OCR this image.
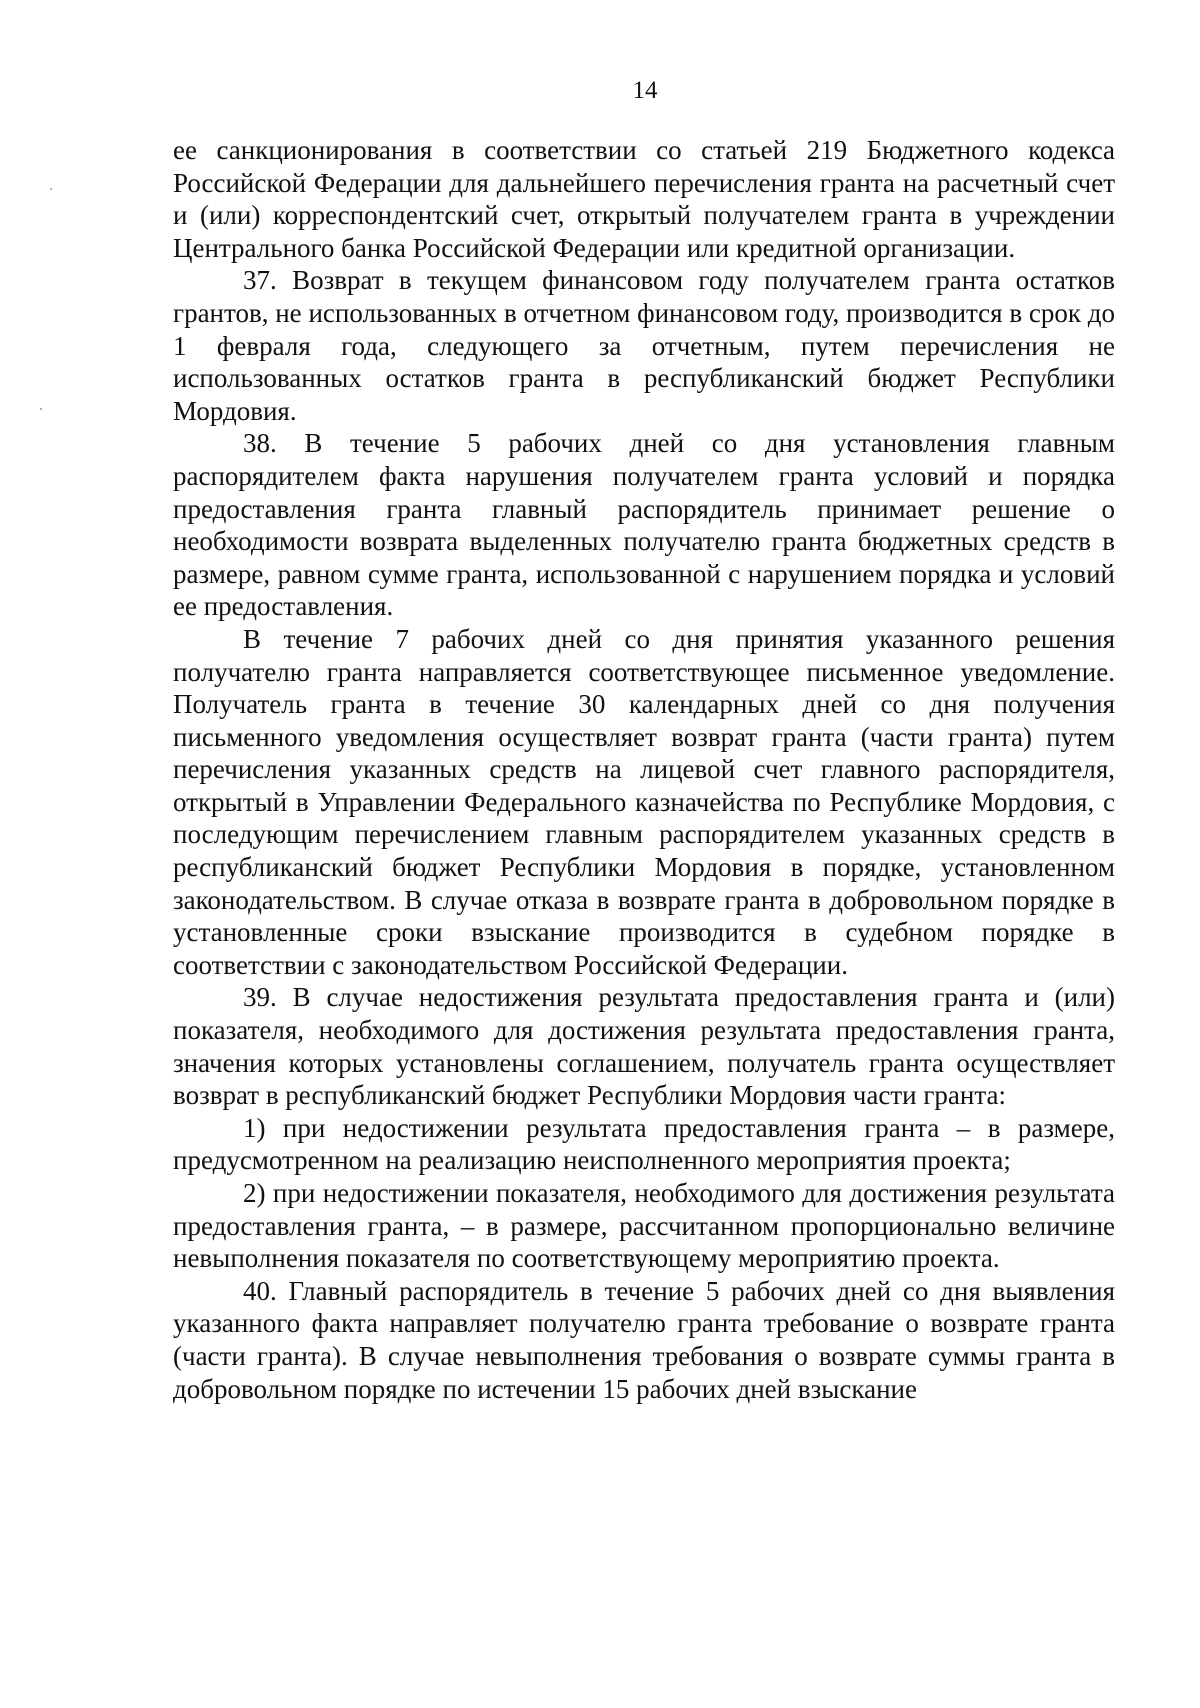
14

ее санкционирования в соответствии со статьей 219 Бюджетного кодекса Российской Федерации для дальнейшего перечисления гранта на расчетный счет и (или) корреспондентский счет, открытый получателем гранта в учреждении Центрального банка Российской Федерации или кредитной организации.

37. Возврат в текущем финансовом году получателем гранта остатков грантов, не использованных в отчетном финансовом году, производится в срок до 1 февраля года, следующего за отчетным, путем перечисления не использованных остатков гранта в республиканский бюджет Республики Мордовия.

38. В течение 5 рабочих дней со дня установления главным распорядителем факта нарушения получателем гранта условий и порядка предоставления гранта главный распорядитель принимает решение о необходимости возврата выделенных получателю гранта бюджетных средств в размере, равном сумме гранта, использованной с нарушением порядка и условий ее предоставления.

В течение 7 рабочих дней со дня принятия указанного решения получателю гранта направляется соответствующее письменное уведомление. Получатель гранта в течение 30 календарных дней со дня получения письменного уведомления осуществляет возврат гранта (части гранта) путем перечисления указанных средств на лицевой счет главного распорядителя, открытый в Управлении Федерального казначейства по Республике Мордовия, с последующим перечислением главным распорядителем указанных средств в республиканский бюджет Республики Мордовия в порядке, установленном законодательством. В случае отказа в возврате гранта в добровольном порядке в установленные сроки взыскание производится в судебном порядке в соответствии с законодательством Российской Федерации.

39. В случае недостижения результата предоставления гранта и (или) показателя, необходимого для достижения результата предоставления гранта, значения которых установлены соглашением, получатель гранта осуществляет возврат в республиканский бюджет Республики Мордовия части гранта:

1) при недостижении результата предоставления гранта – в размере, предусмотренном на реализацию неисполненного мероприятия проекта;

2) при недостижении показателя, необходимого для достижения результата предоставления гранта, – в размере, рассчитанном пропорционально величине невыполнения показателя по соответствующему мероприятию проекта.

40. Главный распорядитель в течение 5 рабочих дней со дня выявления указанного факта направляет получателю гранта требование о возврате гранта (части гранта). В случае невыполнения требования о возврате суммы гранта в добровольном порядке по истечении 15 рабочих дней взыскание
